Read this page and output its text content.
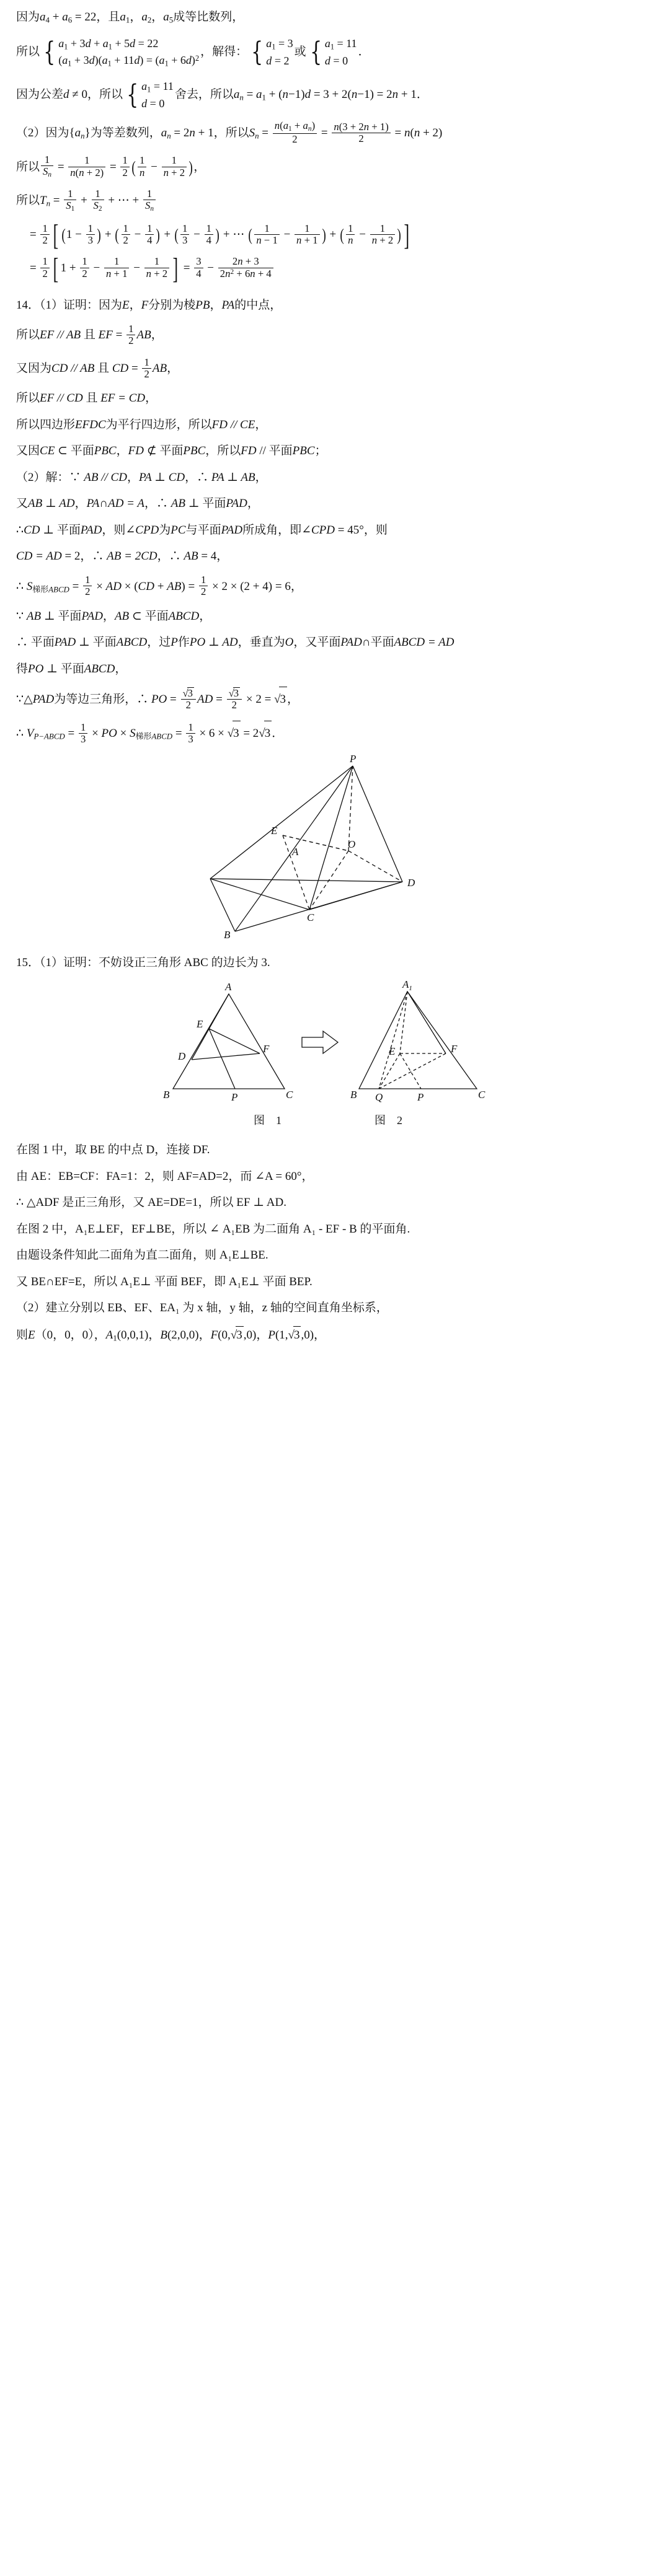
因为$a_4 + a_6 = 22$，且$a_1$，$a_2$，$a_5$成等比数列，
所以 { $a_1 + 3d + a_1 + 5d = 22$
$(a_1 + 3d)(a_1 + 11d) = (a_1 + 6d)^2$
，解得： { $a_1 = 3$
d = 2
或 { $a_1 = 11$
d = 0
．
因为公差d ≠ 0，所以 { $a_1 = 11$
d = 0
舍去，所以$a_n = a_1 + (n-1)d = 3 + 2(n-1) = 2n + 1$．
（2）因为$\{a_n\}$为等差数列，$a_n = 2n + 1$，所以$S_n = \frac{n(a_1 + a_n)}{2} = \frac{n(3 + 2n + 1)}{2} = n(n + 2)$
所以 $\frac{1}{S_n} = \frac{1}{n(n + 2)} = \frac{1}{2}$ ( $\frac{1}{n} - \frac{1}{n + 2}$ )，
所以$T_n = \frac{1}{S_1} + \frac{1}{S_2}$ + ⋯ + $\frac{1}{S_n}$
= $\frac{1}{2}$ [ ($1 - \frac{1}{3}$ ) + ( $\frac{1}{2} - \frac{1}{4}$ ) + ( $\frac{1}{3} - \frac{1}{4}$ ) + ⋯ ( $\frac{1}{n - 1} - \frac{1}{n + 1}$ ) + ( $\frac{1}{n} - \frac{1}{n + 2}$ ) ]
= $\frac{1}{2}$ [ $1 + \frac{1}{2} - \frac{1}{n + 1} - \frac{1}{n + 2}$ ] = $\frac{3}{4} - \frac{2n + 3}{2n^2 + 6n + 4}$
14．（1）证明：因为E，F分别为棱PB，PA的中点，
所以EF // AB 且 EF = $\frac{1}{2}$ AB，
又因为CD // AB 且 CD = $\frac{1}{2}$ AB，
所以EF // CD 且 EF = CD，
所以四边形EFDC为平行四边形，所以FD // CE，
又因CE ⊂ 平面PBC，FD ⊄ 平面PBC，所以FD // 平面PBC；
（2）解：∵ AB // CD，PA ⊥ CD，∴ PA ⊥ AB，
又AB ⊥ AD，PA∩AD = A，∴ AB ⊥ 平面PAD，
∴CD ⊥ 平面PAD，则∠CPD为PC与平面PAD所成角，即∠CPD = 45°，则
CD = AD = 2，∴ AB = 2CD，∴ AB = 4，
∴ $S_{梯形ABCD} = \frac{1}{2}$ × AD × $(CD + AB) = \frac{1}{2} \times 2 \times (2 + 4) = 6$，
∵ AB ⊥ 平面PAD，AB ⊂ 平面ABCD，
∴ 平面PAD ⊥ 平面ABCD，过P作PO ⊥ AD，垂直为O，又平面PAD∩平面ABCD = AD
得PO ⊥ 平面ABCD，
∵△PAD为等边三角形，∴ PO = $\frac{√3}{2}$ AD = $\frac{√3}{2} \times 2 = √3$ ，
∴ $V_{P-ABCD} = \frac{1}{3}$ × PO × $S_{梯形ABCD} = \frac{1}{3} \times 6 \times √3 = 2√3$ ．
P
E
A
O
D
C
B
15．（1）证明：不妨设正三角形 ABC 的边长为 3.
A
E
D
F
B	P	C
$A_1$
E	F
B Q	P	C
图　1	图　2
在图 1 中，取 BE 的中点 D，连接 DF.
由 AE：EB=CF：FA=1：2，则 AF=AD=2，而 ∠A = 60°，
∴ △ADF 是正三角形，又 AE=DE=1，所以 EF ⊥ AD.
在图 2 中，A₁E⊥EF，EF⊥BE，所以 ∠ A₁EB 为二面角 A₁ - EF - B 的平面角.
由题设条件知此二面角为直二面角，则 A₁E⊥BE.
又 BE∩EF=E，所以 A₁E⊥ 平面 BEF，即 A₁E⊥ 平面 BEP.
（2）建立分别以 EB、EF、EA₁ 为 x 轴，y 轴，z 轴的空间直角坐标系，
则E（0，0，0），$A_1(0,0,1)$，B(2,0,0)，F(0,√3 ,0)，P(1,√3 ,0)，
